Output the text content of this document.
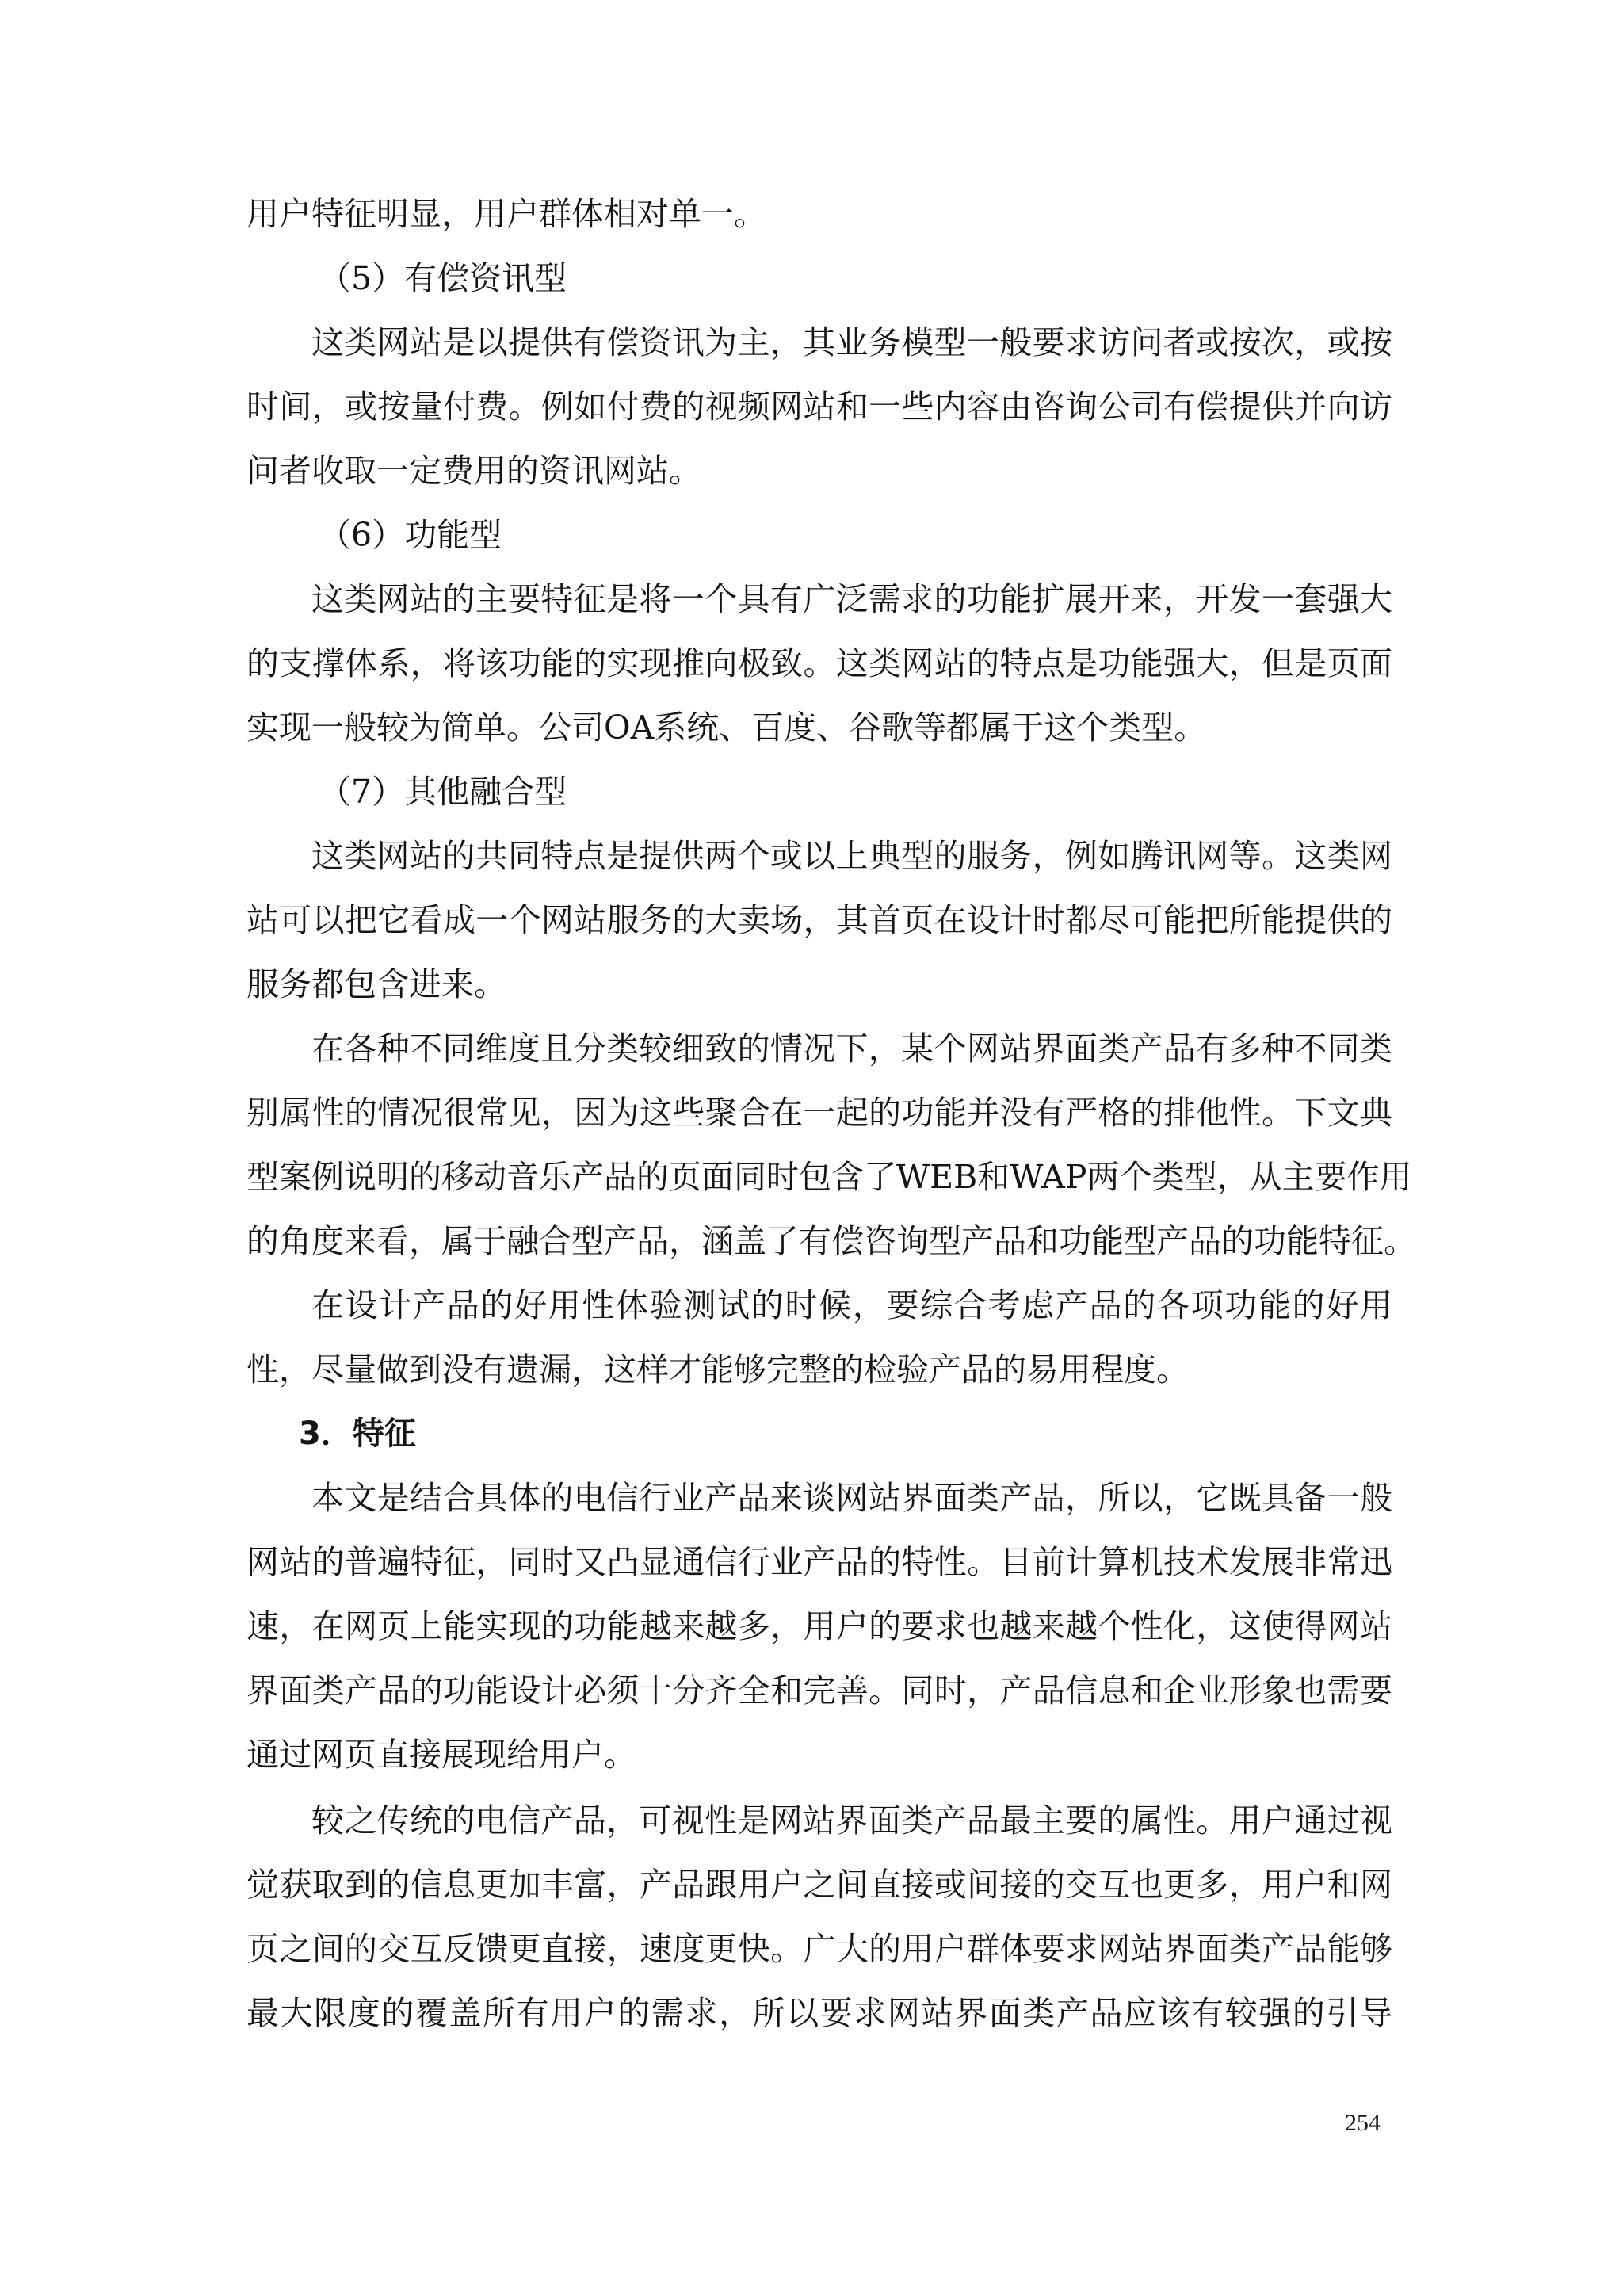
用户特征明显，用户群体相对单一。
（5）有偿资讯型
这类网站是以提供有偿资讯为主，其业务模型一般要求访问者或按次，或按
时间，或按量付费。例如付费的视频网站和一些内容由咨询公司有偿提供并向访
问者收取一定费用的资讯网站。
（6）功能型
这类网站的主要特征是将一个具有广泛需求的功能扩展开来，开发一套强大
的支撑体系，将该功能的实现推向极致。这类网站的特点是功能强大，但是页面
实现一般较为简单。公司OA系统、百度、谷歌等都属于这个类型。
（7）其他融合型
这类网站的共同特点是提供两个或以上典型的服务，例如腾讯网等。这类网
站可以把它看成一个网站服务的大卖场，其首页在设计时都尽可能把所能提供的
服务都包含进来。
在各种不同维度且分类较细致的情况下，某个网站界面类产品有多种不同类
别属性的情况很常见，因为这些聚合在一起的功能并没有严格的排他性。下文典
型案例说明的移动音乐产品的页面同时包含了WEB和WAP两个类型，从主要作用
的角度来看，属于融合型产品，涵盖了有偿咨询型产品和功能型产品的功能特征。
在设计产品的好用性体验测试的时候，要综合考虑产品的各项功能的好用
性，尽量做到没有遗漏，这样才能够完整的检验产品的易用程度。
3．特征
本文是结合具体的电信行业产品来谈网站界面类产品，所以，它既具备一般
网站的普遍特征，同时又凸显通信行业产品的特性。目前计算机技术发展非常迅
速，在网页上能实现的功能越来越多，用户的要求也越来越个性化，这使得网站
界面类产品的功能设计必须十分齐全和完善。同时，产品信息和企业形象也需要
通过网页直接展现给用户。
较之传统的电信产品，可视性是网站界面类产品最主要的属性。用户通过视
觉获取到的信息更加丰富，产品跟用户之间直接或间接的交互也更多，用户和网
页之间的交互反馈更直接，速度更快。广大的用户群体要求网站界面类产品能够
最大限度的覆盖所有用户的需求，所以要求网站界面类产品应该有较强的引导
254
